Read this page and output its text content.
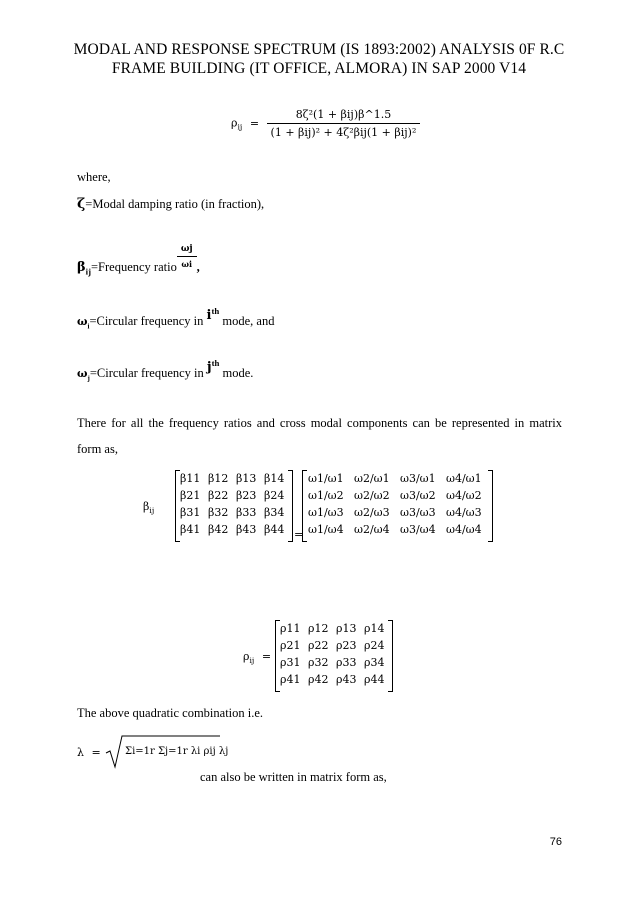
MODAL AND RESPONSE SPECTRUM (IS 1893:2002) ANALYSIS 0F R.C
FRAME BUILDING (IT OFFICE, ALMORA) IN SAP 2000 V14
$\rho_{ij} = \frac{\text{8ζ²(1 + βij)β\textasciicircum{}1.5}}{\text{(1 + βij)² + 4ζ²βij(1 + βij)²}}$
where,
ζ=Modal damping ratio (in fraction),
$\beta_{ij}=Frequency$ ratio $\frac{\omega j}{\omega i}$ ,
$\omega_i=Circular$ frequency in $i^{th}$ mode, and
$\omega_j=Circular$ frequency in $j^{th}$ mode.
There for all the frequency ratios and cross modal components can be represented in matrix
form as,
$\beta_{ij}$
β11 β12 β13 β14
β21 β22 β23 β24
β31 β32 β33 β34
β41 β42 β43 β44 =
ω1/ω1 ω2/ω1 ω3/ω1 ω4/ω1
ω1/ω2 ω2/ω2 ω3/ω2 ω4/ω2
ω1/ω3 ω2/ω3 ω3/ω3 ω4/ω3
ω1/ω4 ω2/ω4 ω3/ω4 ω4/ω4
$\rho_{ij}$ =
ρ11 ρ12 ρ13 ρ14
ρ21 ρ22 ρ23 ρ24
ρ31 ρ32 ρ33 ρ34
ρ41 ρ42 ρ43 ρ44
The above quadratic combination i.e.
λ =	Σi=1r Σj=1r λi ρij λj
can also be written in matrix form as,
76
